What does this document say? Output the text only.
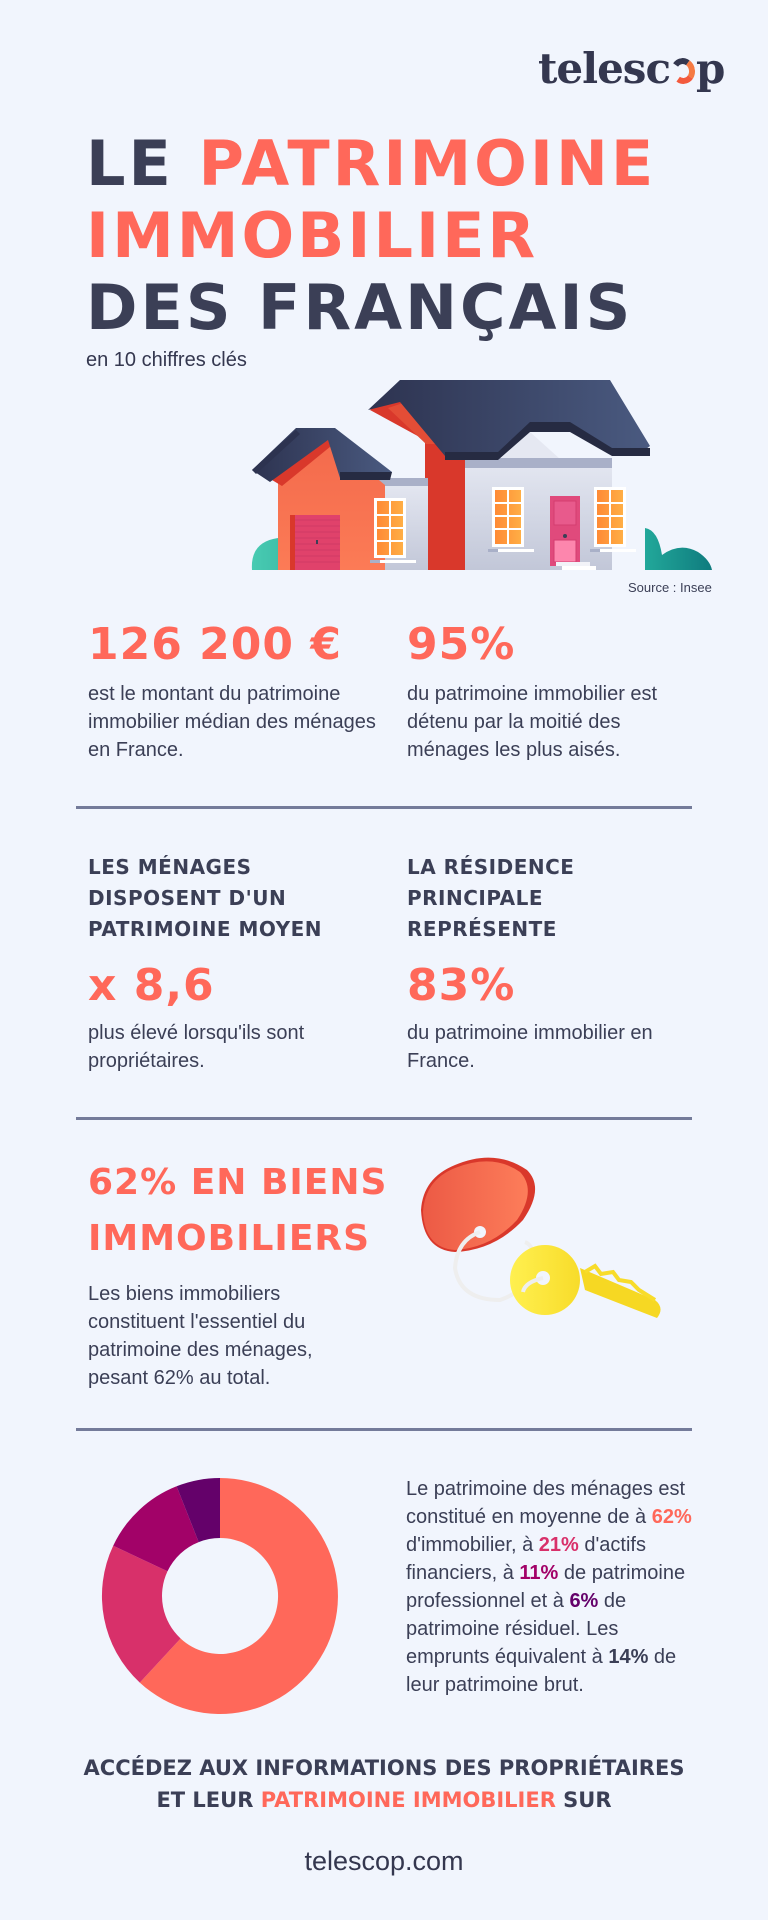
telesc p
LE PATRIMOINE
IMMOBILIER
DES FRANÇAIS
en 10 chiffres clés
Source : Insee
126 200 €
est le montant du patrimoine immobilier médian des ménages en France.
95%
du patrimoine immobilier est détenu par la moitié des ménages les plus aisés.
LES MÉNAGES DISPOSENT D'UN PATRIMOINE MOYEN
x 8,6
plus élevé lorsqu'ils sont propriétaires.
LA RÉSIDENCE PRINCIPALE REPRÉSENTE
83%
du patrimoine immobilier en France.
62% EN BIENS
IMMOBILIERS
Les biens immobiliers constituent l'essentiel du patrimoine des ménages, pesant 62% au total.
Le patrimoine des ménages est constitué en moyenne de à 62% d'immobilier, à 21% d'actifs financiers, à 11% de patrimoine professionnel et à 6% de patrimoine résiduel. Les emprunts équivalent à 14% de leur patrimoine brut.
ACCÉDEZ AUX INFORMATIONS DES PROPRIÉTAIRES
ET LEUR PATRIMOINE IMMOBILIER SUR
telescop.com
